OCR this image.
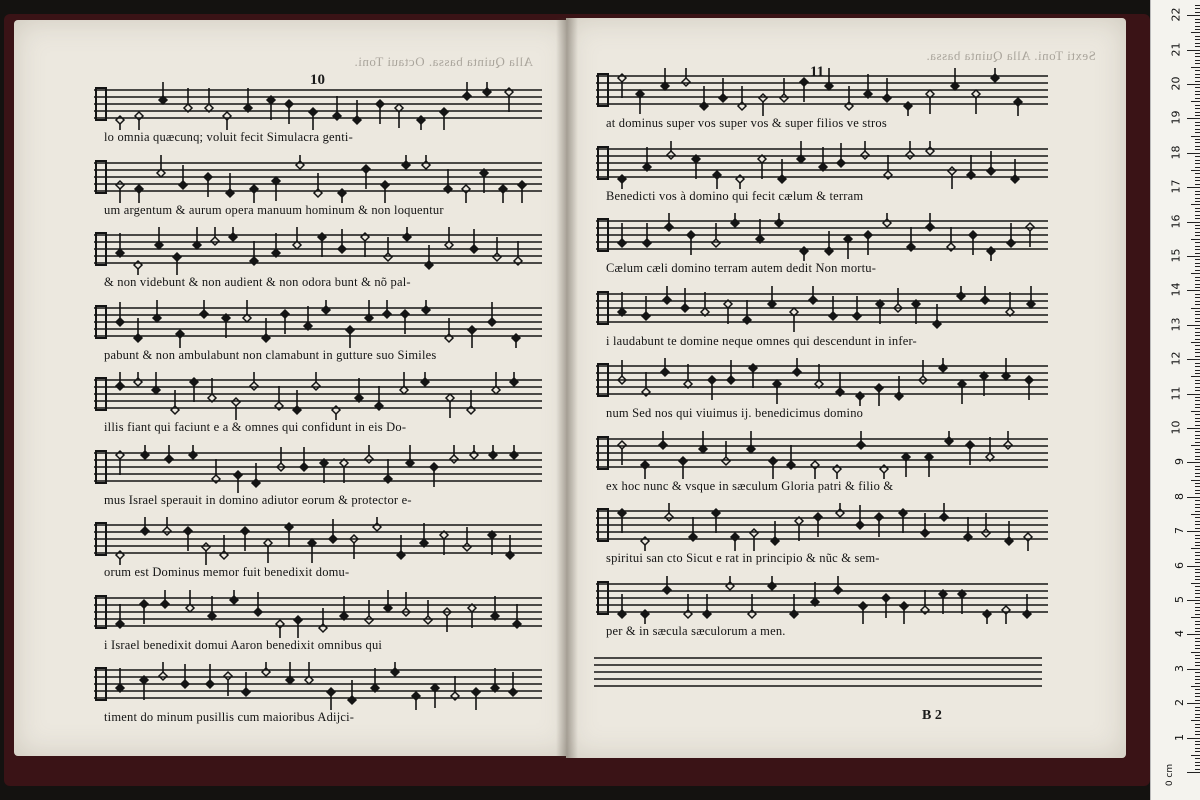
Alla Quinta bassa. Octaui Toni.
10
lo omnia quæcunq; voluit fecit Simulacra genti-
um argentum & aurum opera manuum hominum & non loquentur
& non videbunt & non audient & non odora bunt & nõ pal-
pabunt & non ambulabunt non clamabunt in gutture suo Similes
illis fiant qui faciunt e a & omnes qui confidunt in eis Do-
mus Israel sperauit in domino adiutor eorum & protector e-
orum est Dominus memor fuit benedixit domu-
i Israel benedixit domui Aaron benedixit omnibus qui
timent do minum pusillis cum maioribus Adijci-
Sexti Toni. Alla Quinta bassa.
11
at dominus super vos super vos & super filios ve stros
Benedicti vos à domino qui fecit cælum & terram
Cælum cæli domino terram autem dedit Non mortu-
i laudabunt te domine neque omnes qui descendunt in infer-
num Sed nos qui viuimus ij. benedicimus domino
ex hoc nunc & vsque in sæculum Gloria patri & filio &
spiritui san cto Sicut e rat in principio & nũc & sem-
per & in sæcula sæculorum a men.
B 2
0 cm
1
2
3
4
5
6
7
8
9
10
11
12
13
14
15
16
17
18
19
20
21
22
